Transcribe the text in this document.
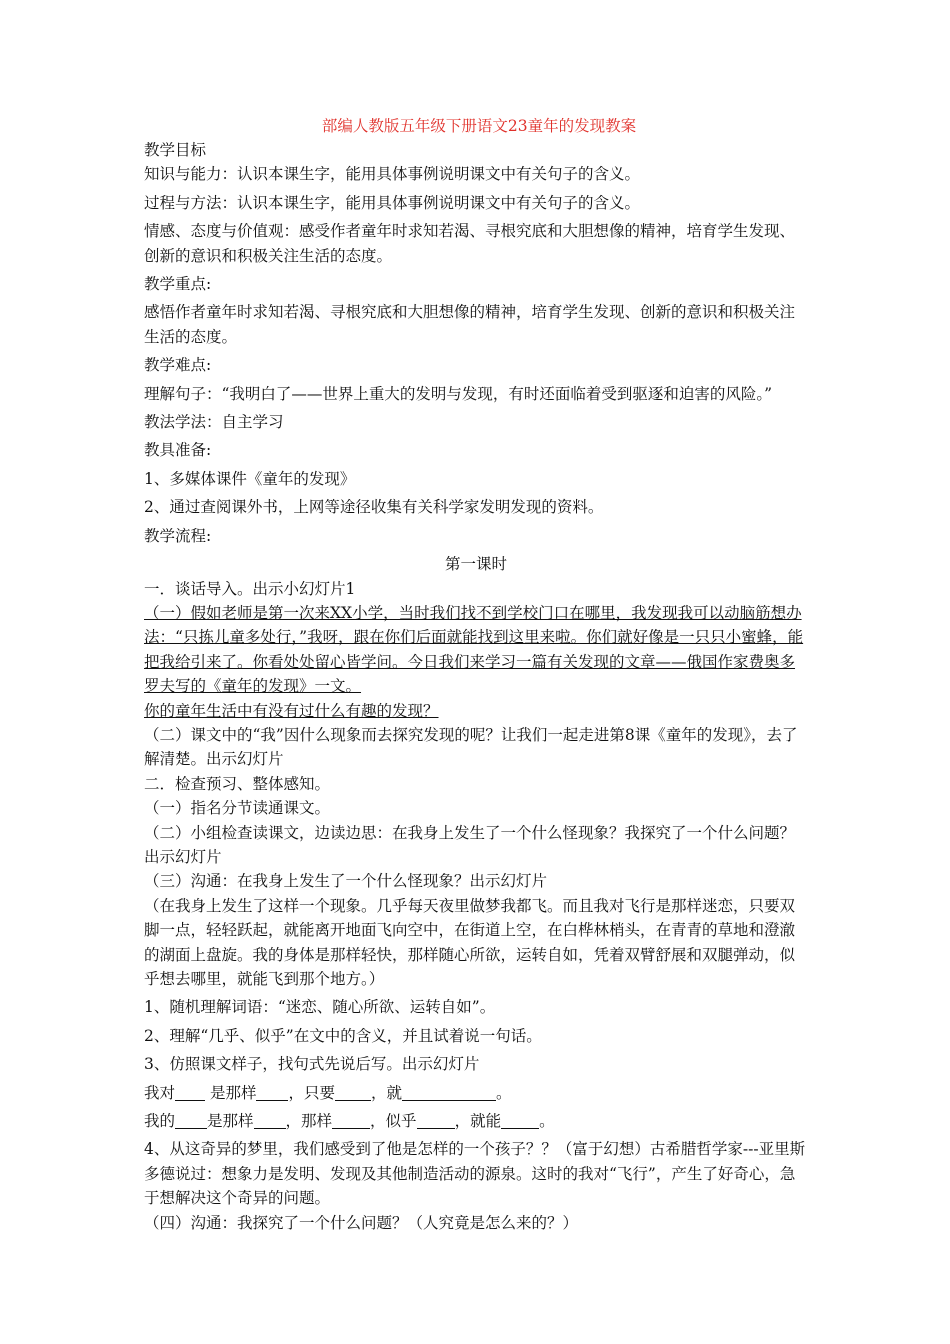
部编人教版五年级下册语文23童年的发现教案

教学目标

知识与能力：认识本课生字，能用具体事例说明课文中有关句子的含义。

过程与方法：认识本课生字，能用具体事例说明课文中有关句子的含义。

情感、态度与价值观：感受作者童年时求知若渴、寻根究底和大胆想像的精神，培育学生发现、创新的意识和积极关注生活的态度。

教学重点:

感悟作者童年时求知若渴、寻根究底和大胆想像的精神，培育学生发现、创新的意识和积极关注生活的态度。

教学难点:

理解句子：“我明白了——世界上重大的发明与发现，有时还面临着受到驱逐和迫害的风险。”

教法学法：自主学习

教具准备:

1、多媒体课件《童年的发现》

2、通过查阅课外书，上网等途径收集有关科学家发明发现的资料。

教学流程:

第一课时

一．谈话导入。出示小幻灯片1

（一）假如老师是第一次来XX小学，当时我们找不到学校门口在哪里，我发现我可以动脑筋想办法：“只拣儿童多处行，”我呀，跟在你们后面就能找到这里来啦。你们就好像是一只只小蜜蜂，能把我给引来了。你看处处留心皆学问。今日我们来学习一篇有关发现的文章——俄国作家费奥多罗夫写的《童年的发现》一文。

你的童年生活中有没有过什么有趣的发现？

（二）课文中的“我”因什么现象而去探究发现的呢？让我们一起走进第8课《童年的发现》，去了解清楚。出示幻灯片

二．检查预习、整体感知。

（一）指名分节读通课文。

（二）小组检查读课文，边读边思：在我身上发生了一个什么怪现象？我探究了一个什么问题？出示幻灯片

（三）沟通：在我身上发生了一个什么怪现象？出示幻灯片

（在我身上发生了这样一个现象。几乎每天夜里做梦我都飞。而且我对飞行是那样迷恋，只要双脚一点，轻轻跃起，就能离开地面飞向空中，在街道上空，在白桦林梢头，在青青的草地和澄澈的湖面上盘旋。我的身体是那样轻快，那样随心所欲，运转自如，凭着双臂舒展和双腿弹动，似乎想去哪里，就能飞到那个地方。）

1、随机理解词语：“迷恋、随心所欲、运转自如”。

2、理解“几乎、似乎”在文中的含义，并且试着说一句话。

3、仿照课文样子，找句式先说后写。出示幻灯片

我对 是那样 ，只要 ，就	。

我的 是那样 ，那样 ，似乎 ，就能 。

4、从这奇异的梦里，我们感受到了他是怎样的一个孩子？？（富于幻想）古希腊哲学家---亚里斯多德说过：想象力是发明、发现及其他制造活动的源泉。这时的我对“飞行”，产生了好奇心，急于想解决这个奇异的问题。

（四）沟通：我探究了一个什么问题？（人究竟是怎么来的？）
